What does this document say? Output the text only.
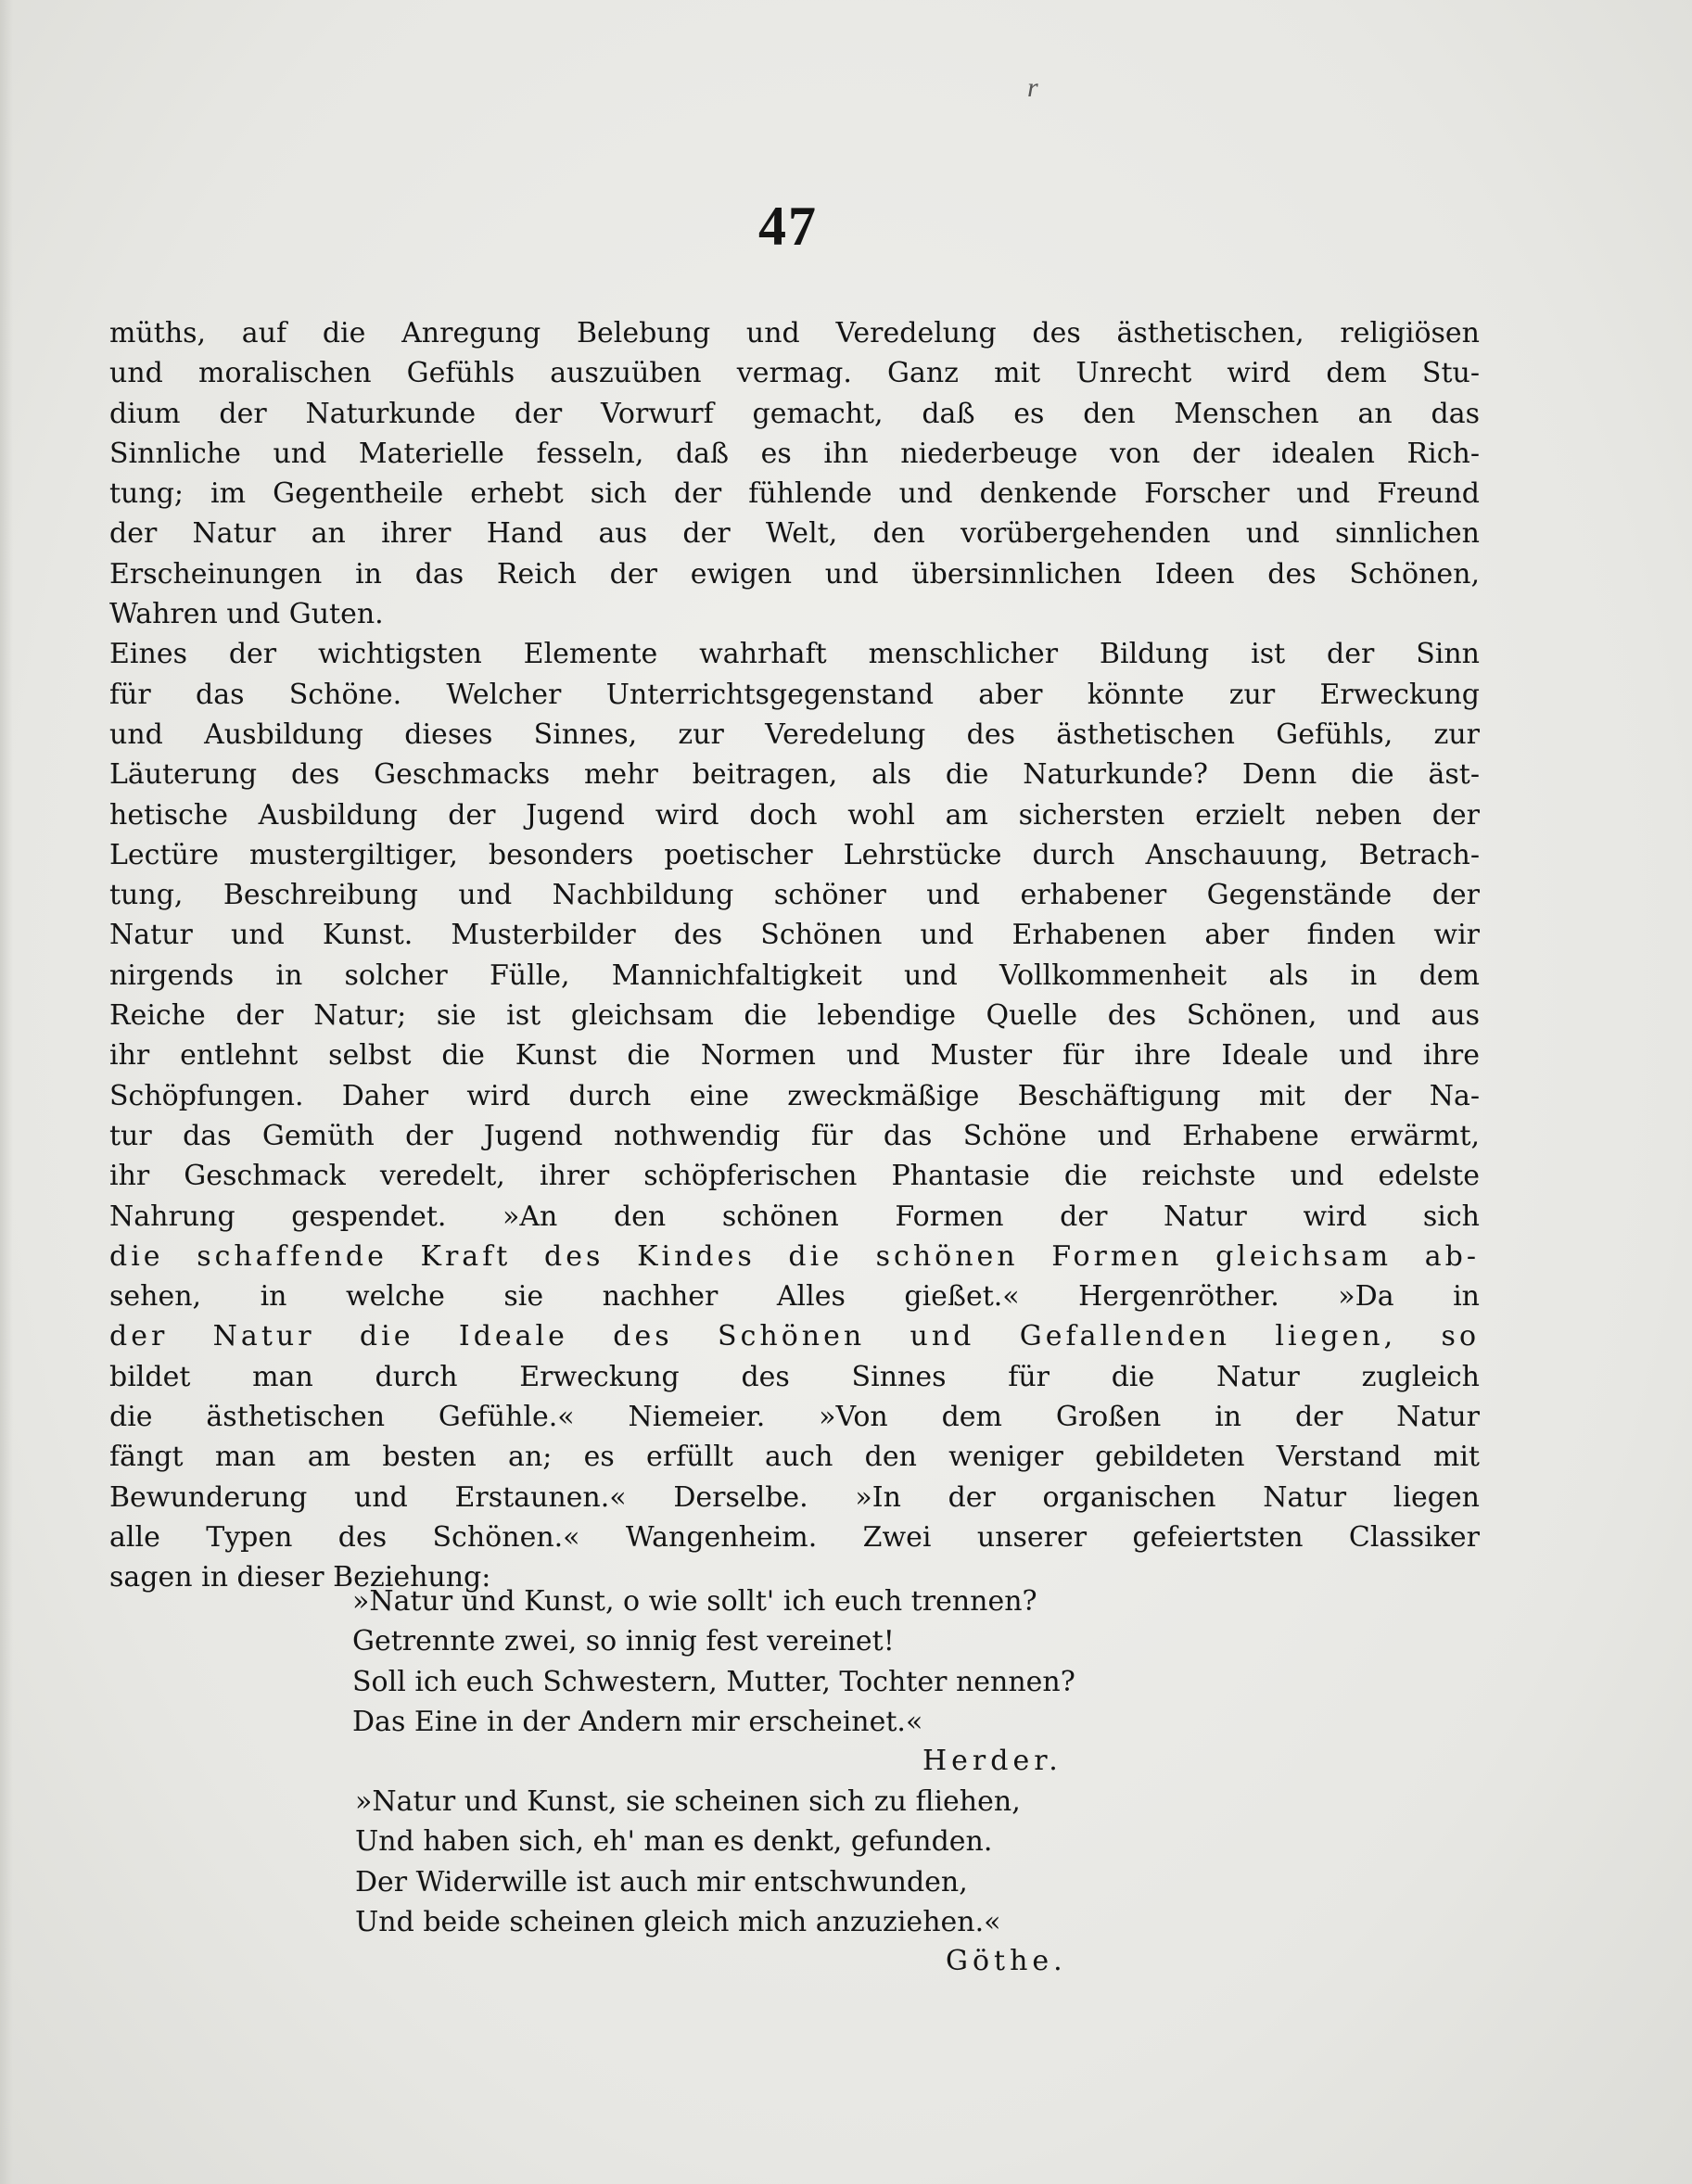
r
47
müths, auf die Anregung Belebung und Veredelung des ästhetischen, religiösen
und moralischen Gefühls auszuüben vermag. Ganz mit Unrecht wird dem Stu-
dium der Naturkunde der Vorwurf gemacht, daß es den Menschen an das
Sinnliche und Materielle fesseln, daß es ihn niederbeuge von der idealen Rich-
tung; im Gegentheile erhebt sich der fühlende und denkende Forscher und Freund
der Natur an ihrer Hand aus der Welt, den vorübergehenden und sinnlichen
Erscheinungen in das Reich der ewigen und übersinnlichen Ideen des Schönen,
Wahren und Guten.
Eines der wichtigsten Elemente wahrhaft menschlicher Bildung ist der Sinn
für das Schöne. Welcher Unterrichtsgegenstand aber könnte zur Erweckung
und Ausbildung dieses Sinnes, zur Veredelung des ästhetischen Gefühls, zur
Läuterung des Geschmacks mehr beitragen, als die Naturkunde? Denn die äst-
hetische Ausbildung der Jugend wird doch wohl am sichersten erzielt neben der
Lectüre mustergiltiger, besonders poetischer Lehrstücke durch Anschauung, Betrach-
tung, Beschreibung und Nachbildung schöner und erhabener Gegenstände der
Natur und Kunst. Musterbilder des Schönen und Erhabenen aber finden wir
nirgends in solcher Fülle, Mannichfaltigkeit und Vollkommenheit als in dem
Reiche der Natur; sie ist gleichsam die lebendige Quelle des Schönen, und aus
ihr entlehnt selbst die Kunst die Normen und Muster für ihre Ideale und ihre
Schöpfungen. Daher wird durch eine zweckmäßige Beschäftigung mit der Na-
tur das Gemüth der Jugend nothwendig für das Schöne und Erhabene erwärmt,
ihr Geschmack veredelt, ihrer schöpferischen Phantasie die reichste und edelste
Nahrung gespendet. »An den schönen Formen der Natur wird sich
die schaffende Kraft des Kindes die schönen Formen gleichsam ab-
sehen, in welche sie nachher Alles gießet.« Hergenröther. »Da in
der Natur die Ideale des Schönen und Gefallenden liegen, so
bildet man durch Erweckung des Sinnes für die Natur zugleich
die ästhetischen Gefühle.« Niemeier. »Von dem Großen in der Natur
fängt man am besten an; es erfüllt auch den weniger gebildeten Verstand mit
Bewunderung und Erstaunen.« Derselbe. »In der organischen Natur liegen
alle Typen des Schönen.« Wangenheim. Zwei unserer gefeiertsten Classiker
sagen in dieser Beziehung:
»Natur und Kunst, o wie sollt' ich euch trennen?
Getrennte zwei, so innig fest vereinet!
Soll ich euch Schwestern, Mutter, Tochter nennen?
Das Eine in der Andern mir erscheinet.«
Herder.
»Natur und Kunst, sie scheinen sich zu fliehen,
Und haben sich, eh' man es denkt, gefunden.
Der Widerwille ist auch mir entschwunden,
Und beide scheinen gleich mich anzuziehen.«
Göthe.
